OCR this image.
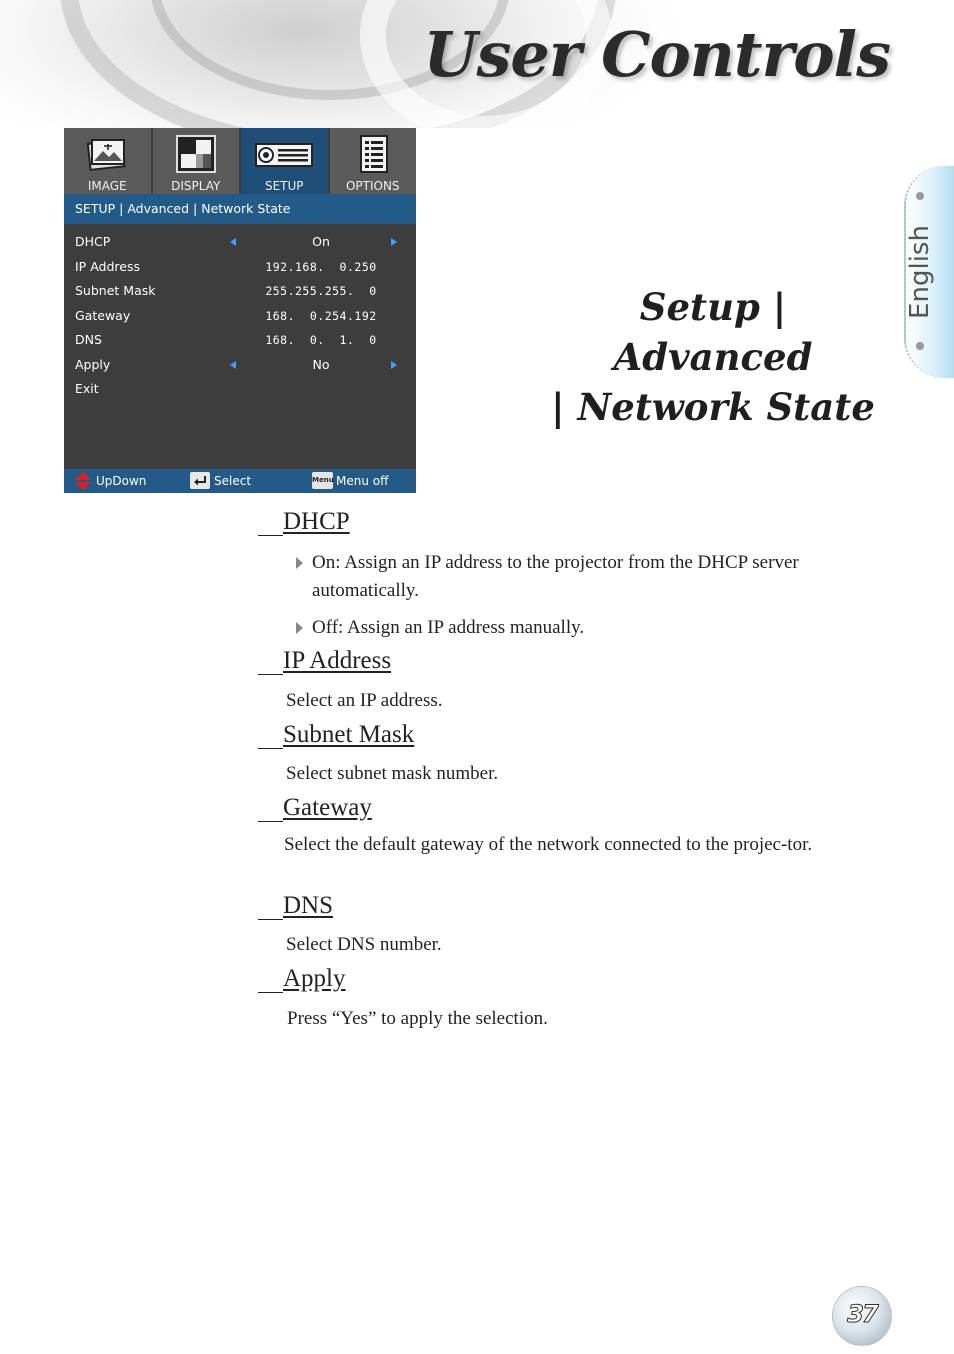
User Controls
IMAGE	DISPLAY	SETUP	OPTIONS
SETUP | Advanced | Network State
DHCP	On
IP Address	192.168.  0.250
Subnet Mask	255.255.255.  0
Gateway	168.  0.254.192
DNS	168.  0.  1.  0
Apply	No
Exit
UpDown	Select	Menu Menu off
Setup | Advanced
| Network State
English
DHCP
On: Assign an IP address to the projector from the DHCP server automatically.
Off: Assign an IP address manually.
IP Address
Select an IP address.
Subnet Mask
Select subnet mask number.
Gateway
Select the default gateway of the network connected to the projec-tor.
DNS
Select DNS number.
Apply
Press “Yes” to apply the selection.
37
